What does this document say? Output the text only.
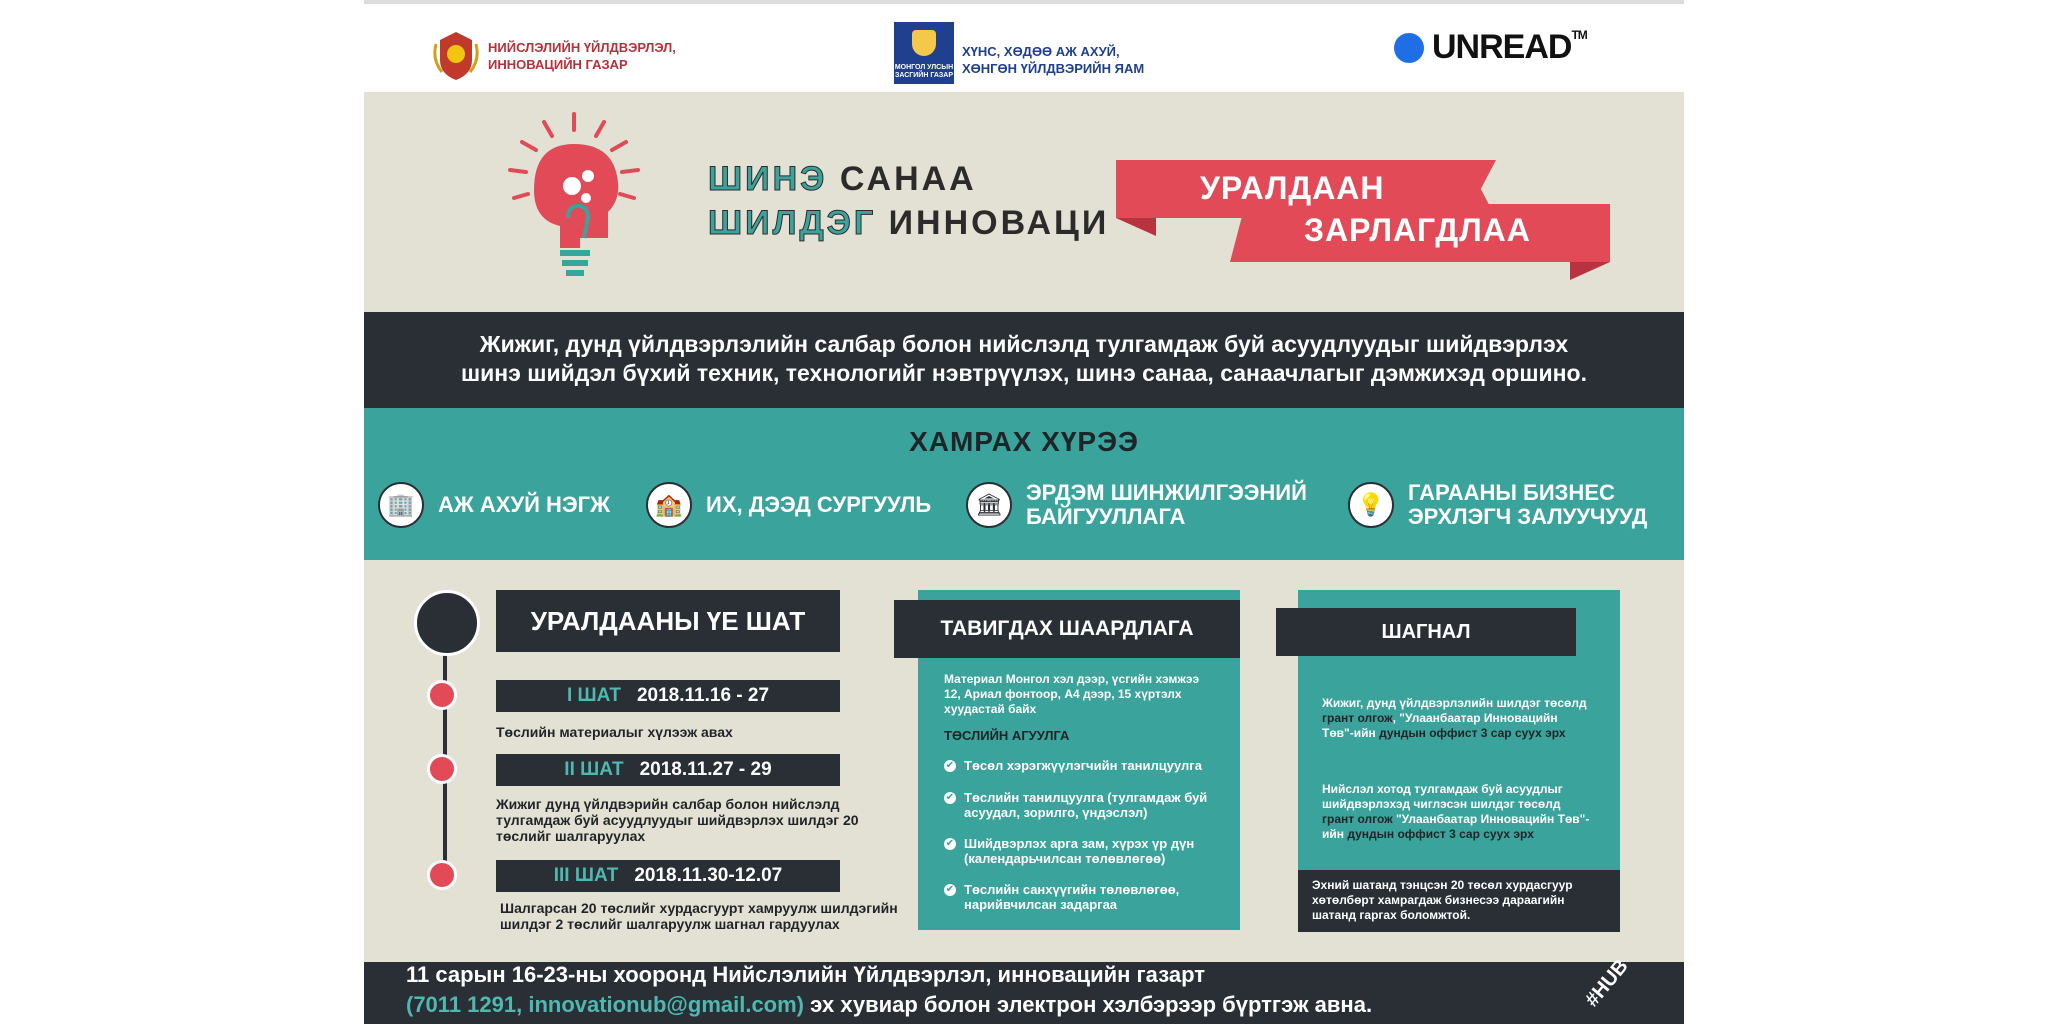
НИЙСЛЭЛИЙН ҮЙЛДВЭРЛЭЛ,
ИННОВАЦИЙН ГАЗАР	МОНГОЛ УЛСЫН ЗАСГИЙН ГАЗАР
ХҮНС, ХӨДӨӨ АЖ АХУЙ,
ХӨНГӨН ҮЙЛДВЭРИЙН ЯАМ
UNREAD™
ШИНЭ САНАА
ШИЛДЭГ ИННОВАЦИ
УРАЛДААН
ЗАРЛАГДЛАА
Жижиг, дунд үйлдвэрлэлийн салбар болон нийслэлд тулгамдаж буй асуудлуудыг шийдвэрлэх
шинэ шийдэл бүхий техник, технологийг нэвтрүүлэх, шинэ санаа, санаачлагыг дэмжихэд оршино.
ХАМРАХ ХҮРЭЭ
🏢	АЖ АХУЙ НЭГЖ	🏫	ИХ, ДЭЭД СУРГУУЛЬ	🏛	ЭРДЭМ ШИНЖИЛГЭЭНИЙ
БАЙГУУЛЛАГА	💡	ГАРААНЫ БИЗНЕС
ЭРХЛЭГЧ ЗАЛУУЧУУД
УРАЛДААНЫ ҮЕ ШАТ
I ШАТ 2018.11.16 - 27
Төслийн материалыг хүлээж авах
II ШАТ 2018.11.27 - 29
Жижиг дунд үйлдвэрийн салбар болон нийслэлд тулгамдаж буй асуудлуудыг шийдвэрлэх шилдэг 20 төслийг шалгаруулах
III ШАТ 2018.11.30-12.07
Шалгарсан 20 төслийг хурдасгуурт хамруулж шилдэгийн шилдэг 2 төслийг шалгаруулж шагнал гардуулах
ТАВИГДАХ ШААРДЛАГА
Материал Монгол хэл дээр, үсгийн хэмжээ 12, Ариал фонтоор, А4 дээр, 15 хүртэлх хуудастай байх
ТӨСЛИЙН АГУУЛГА
✔ Төсөл хэрэгжүүлэгчийн танилцуулга
✔ Төслийн танилцуулга (тулгамдаж буй асуудал, зорилго, үндэслэл)
✔ Шийдвэрлэх арга зам, хүрэх үр дүн (календарьчилсан төлөвлөгөө)
✔ Төслийн санхүүгийн төлөвлөгөө, нарийвчилсан задаргаа
ШАГНАЛ
Жижиг, дунд үйлдвэрлэлийн шилдэг төсөлд грант олгож, "Улаанбаатар Инновацийн Төв"-ийн дундын оффист 3 сар суух эрх
Нийслэл хотод тулгамдаж буй асуудлыг шийдвэрлэхэд чиглэсэн шилдэг төсөлд грант олгож "Улаанбаатар Инновацийн Төв"-ийн дундын оффист 3 сар суух эрх
Эхний шатанд тэнцсэн 20 төсөл хурдасгуур хөтөлбөрт хамрагдаж бизнесээ дараагийн шатанд гаргах боломжтой.
11 сарын 16-23-ны хооронд Нийслэлийн Үйлдвэрлэл, инновацийн газарт
(7011 1291, innovationub@gmail.com) эх хувиар болон электрон хэлбэрээр бүртгэж авна.	#HUB
